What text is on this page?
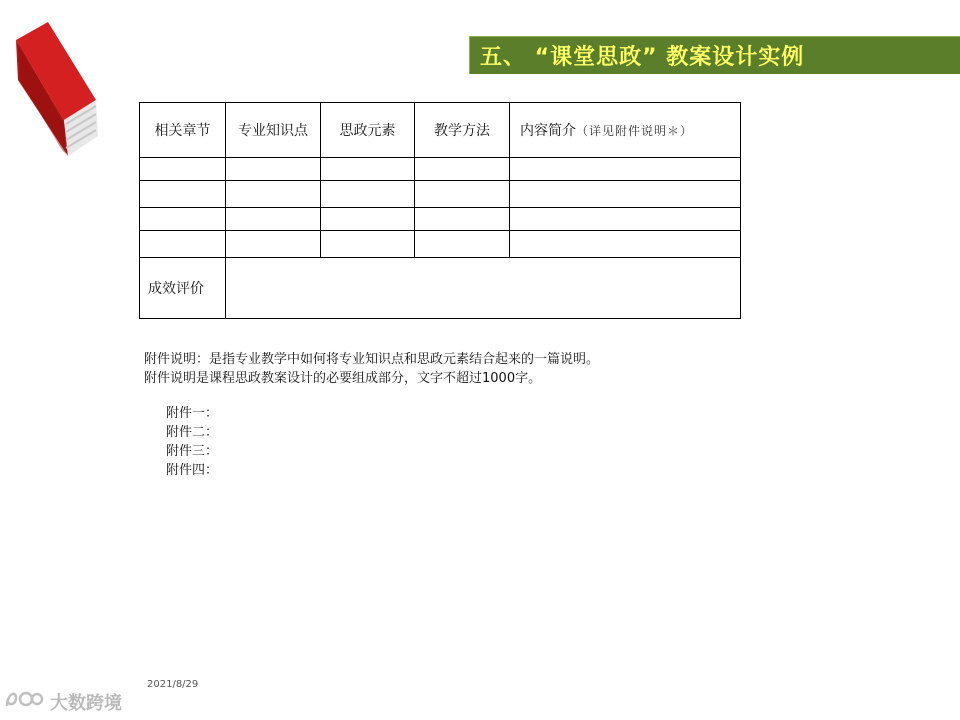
五、 “课堂思政” 教案设计实例
相关章节	专业知识点	思政元素	教学方法	内容简介（详见附件说明＊）

成效评价				
附件说明：是指专业教学中如何将专业知识点和思政元素结合起来的一篇说明。
附件说明是课程思政教案设计的必要组成部分，文字不超过1000字。
附件一：
附件二：
附件三：
附件四：
2021/8/29
大数跨境
